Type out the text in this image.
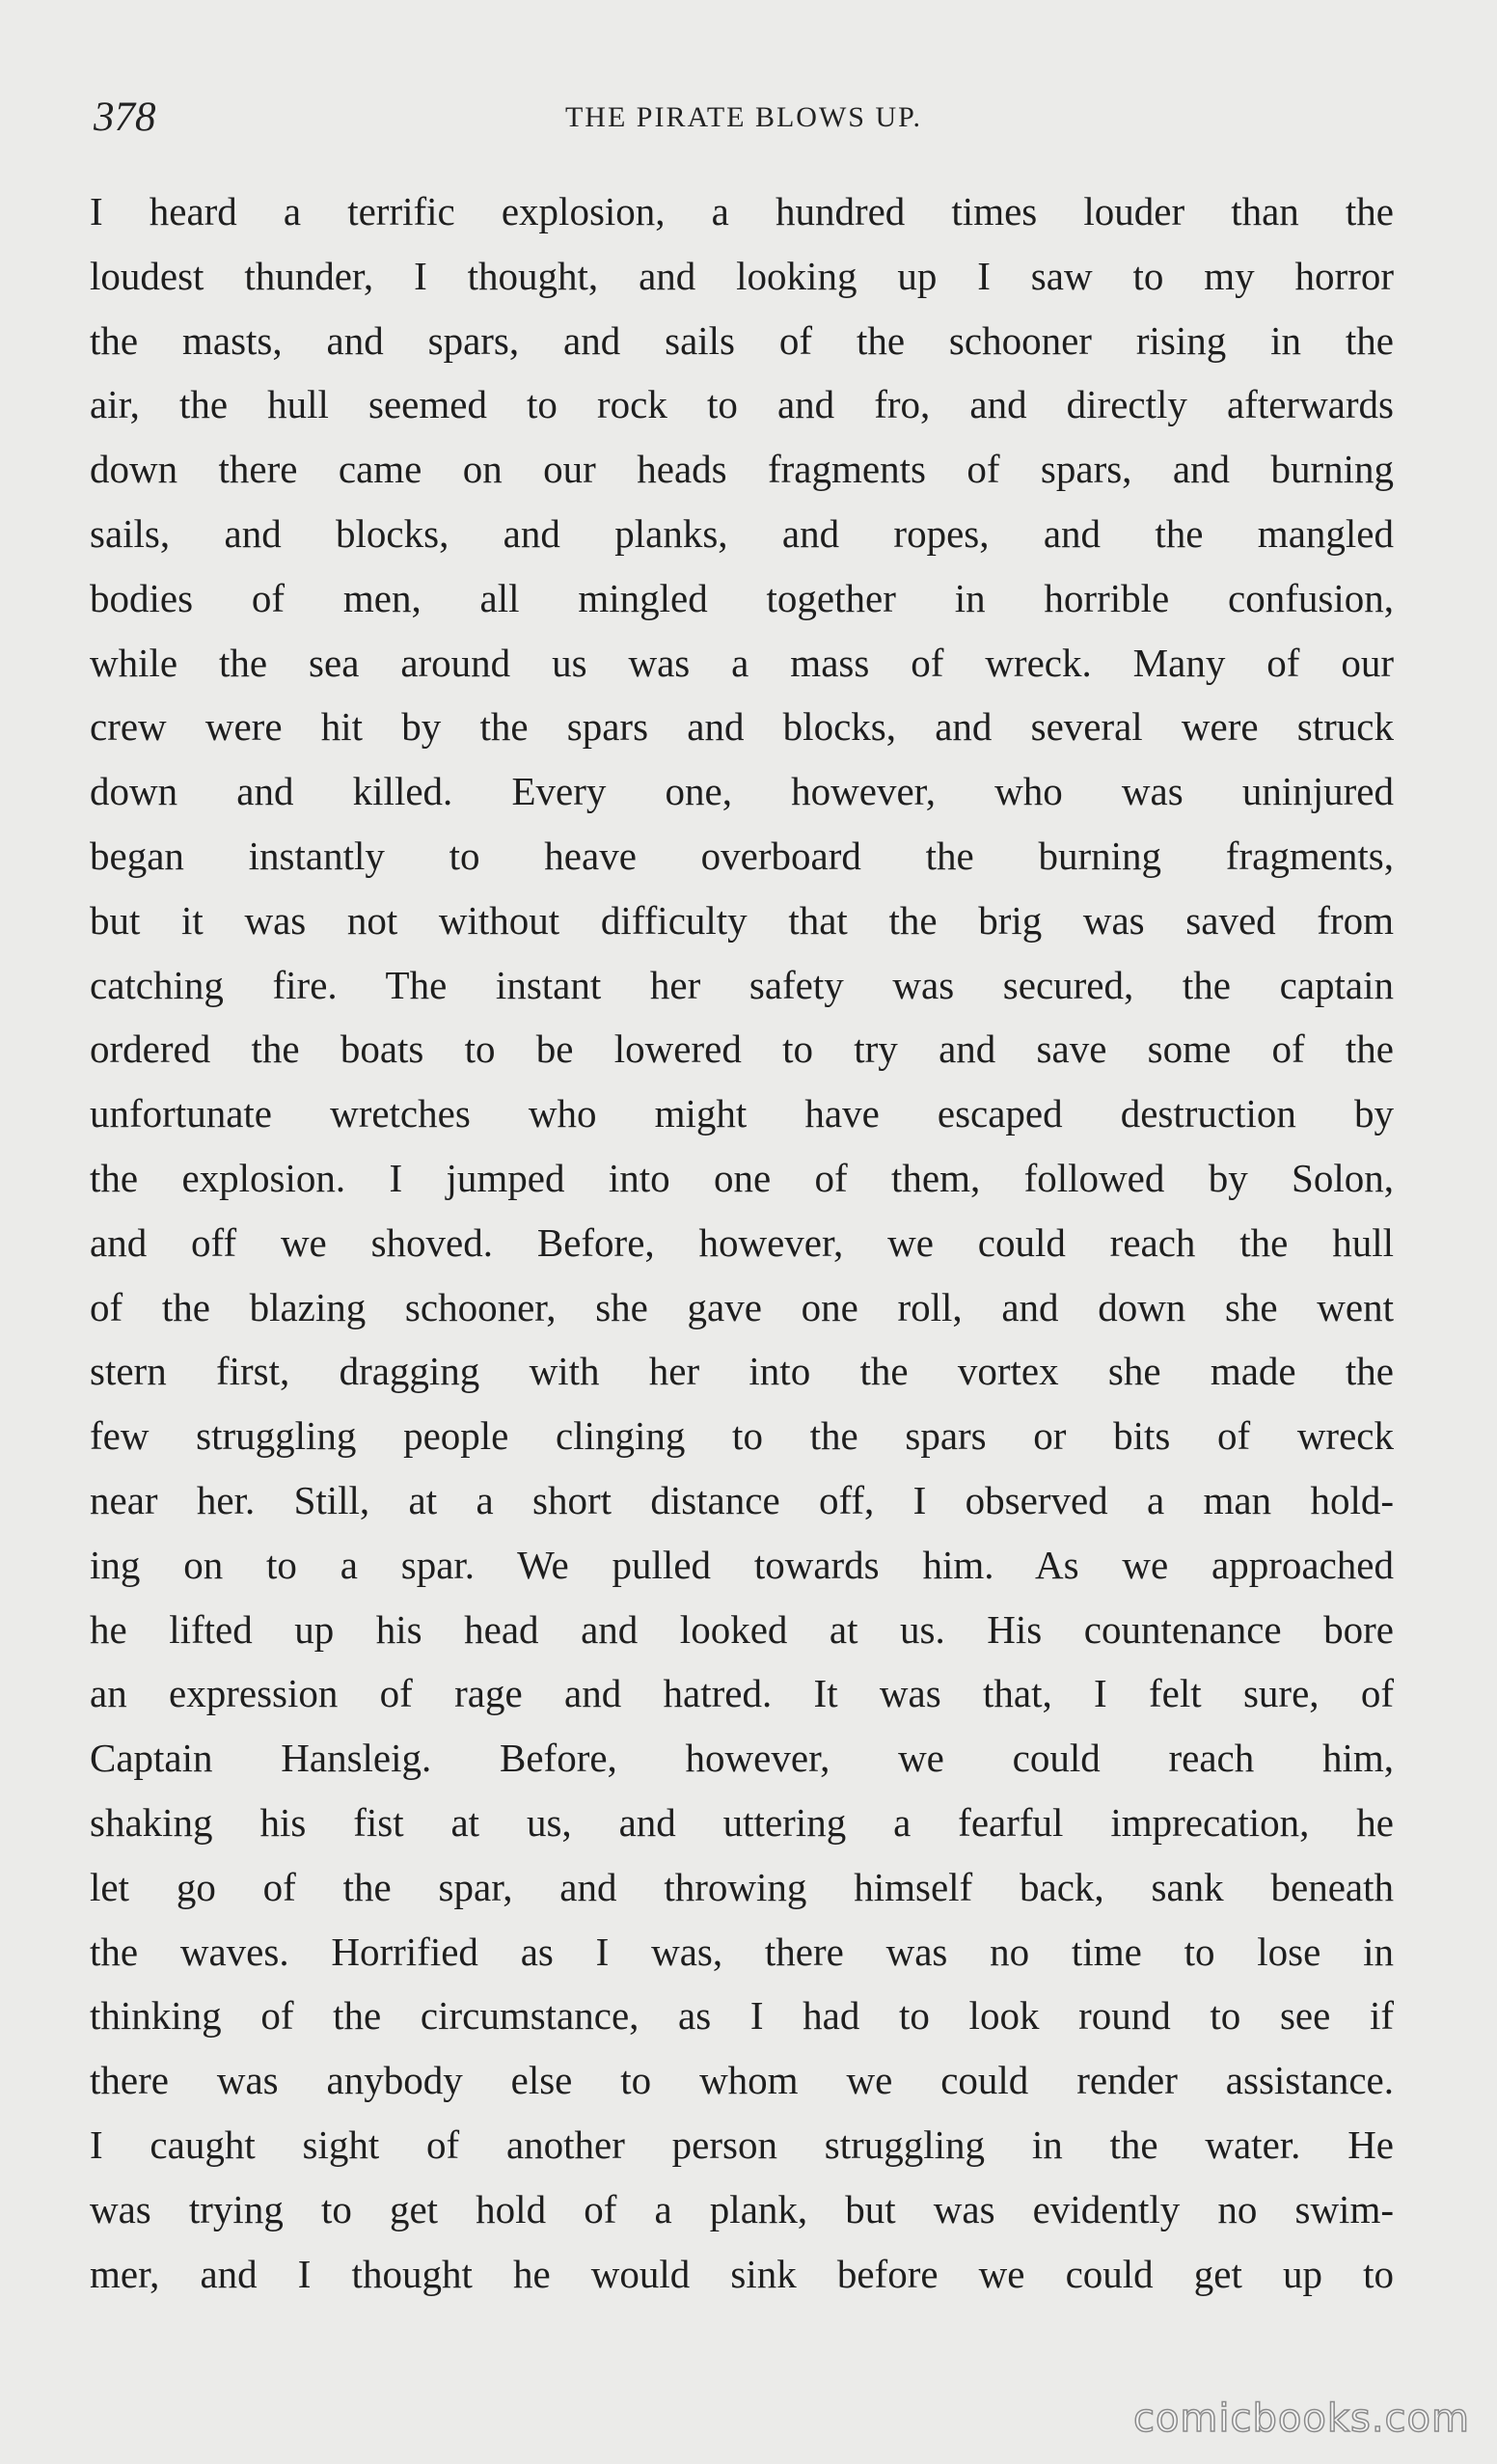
378	THE PIRATE BLOWS UP.
I heard a terrific explosion, a hundred times louder than the
loudest thunder, I thought, and looking up I saw to my horror
the masts, and spars, and sails of the schooner rising in the
air, the hull seemed to rock to and fro, and directly afterwards
down there came on our heads fragments of spars, and burning
sails, and blocks, and planks, and ropes, and the mangled
bodies of men, all mingled together in horrible confusion,
while the sea around us was a mass of wreck. Many of our
crew were hit by the spars and blocks, and several were struck
down and killed. Every one, however, who was uninjured
began instantly to heave overboard the burning fragments,
but it was not without difficulty that the brig was saved from
catching fire. The instant her safety was secured, the captain
ordered the boats to be lowered to try and save some of the
unfortunate wretches who might have escaped destruction by
the explosion. I jumped into one of them, followed by Solon,
and off we shoved. Before, however, we could reach the hull
of the blazing schooner, she gave one roll, and down she went
stern first, dragging with her into the vortex she made the
few struggling people clinging to the spars or bits of wreck
near her. Still, at a short distance off, I observed a man hold-
ing on to a spar. We pulled towards him. As we approached
he lifted up his head and looked at us. His countenance bore
an expression of rage and hatred. It was that, I felt sure, of
Captain Hansleig. Before, however, we could reach him,
shaking his fist at us, and uttering a fearful imprecation, he
let go of the spar, and throwing himself back, sank beneath
the waves. Horrified as I was, there was no time to lose in
thinking of the circumstance, as I had to look round to see if
there was anybody else to whom we could render assistance.
I caught sight of another person struggling in the water. He
was trying to get hold of a plank, but was evidently no swim-
mer, and I thought he would sink before we could get up to
comicbooks.com
